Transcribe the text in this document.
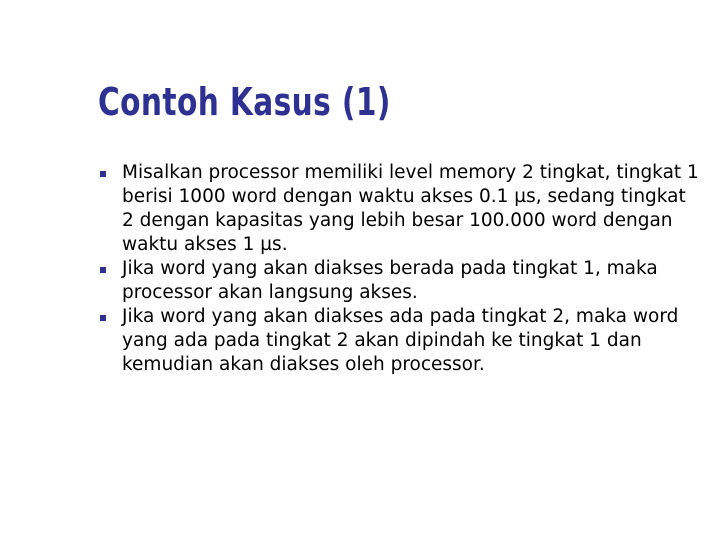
Contoh Kasus (1)
Misalkan processor memiliki level memory 2 tingkat, tingkat 1 berisi 1000 word dengan waktu akses 0.1 µs, sedang tingkat 2 dengan kapasitas yang lebih besar 100.000 word dengan waktu akses 1 µs.
Jika word yang akan diakses berada pada tingkat 1, maka processor akan langsung akses.
Jika word yang akan diakses ada pada tingkat 2, maka word yang ada pada tingkat 2 akan dipindah ke tingkat 1 dan kemudian akan diakses oleh processor.
